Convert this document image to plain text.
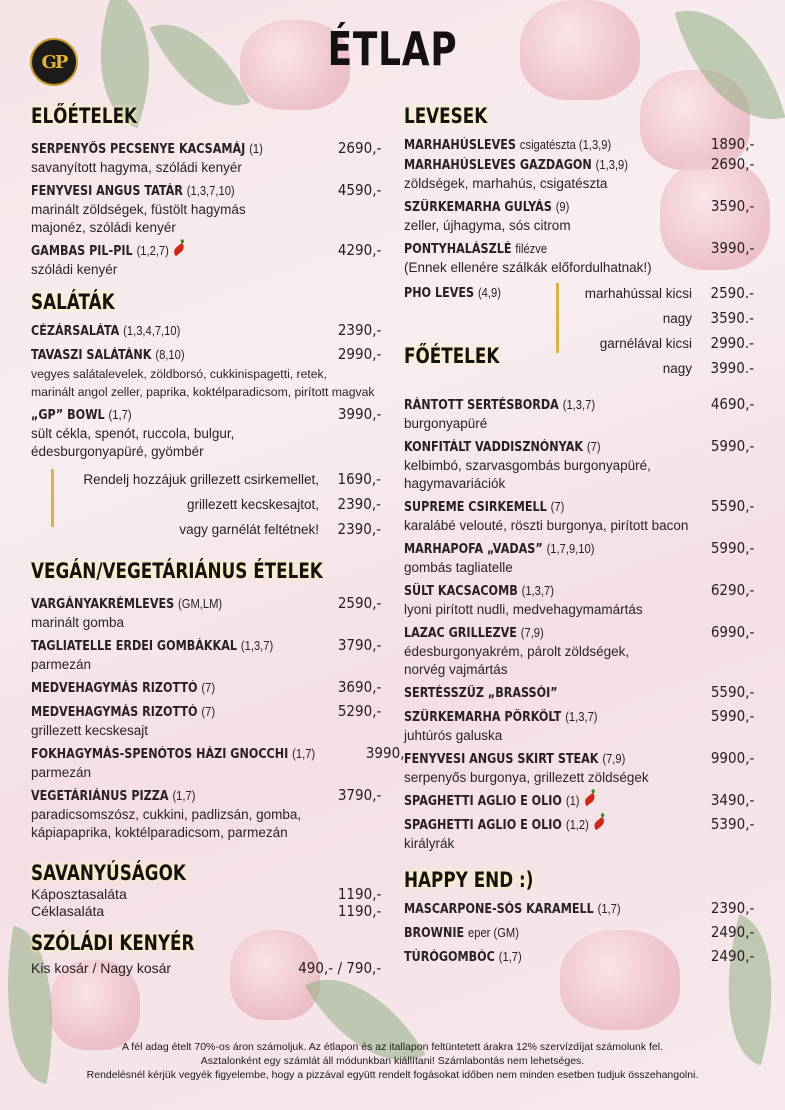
GP	ÉTLAP
ELŐÉTELEK
SERPENYŐS PECSENYE KACSAMÁJ (1)	2690,-
savanyított hagyma, szóládi kenyér
FENYVESI ANGUS TATÁR (1,3,7,10)	4590,-
marinált zöldségek, füstölt hagymás
majonéz, szóládi kenyér
GAMBAS PIL-PIL (1,2,7)	4290,-
szóládi kenyér
SALÁTÁK
CÉZÁRSALÁTA (1,3,4,7,10)	2390,-
TAVASZI SALÁTÁNK (8,10)	2990,-
vegyes salátalevelek, zöldborsó, cukkinispagetti, retek,
marinált angol zeller, paprika, koktélparadicsom, pirított magvak
„GP” BOWL (1,7)	3990,-
sült cékla, spenót, ruccola, bulgur,
édesburgonyapüré, gyömbér
Rendelj hozzájuk grillezett csirkemellet, 1690,-
grillezett kecskesajtot, 2390,-
vagy garnélát feltétnek! 2390,-
VEGÁN/VEGETÁRIÁNUS ÉTELEK
VARGÁNYAKRÉMLEVES (GM,LM)	2590,-
marinált gomba
TAGLIATELLE ERDEI GOMBÁKKAL (1,3,7)	3790,-
parmezán
MEDVEHAGYMÁS RIZOTTÓ (7)	3690,-
MEDVEHAGYMÁS RIZOTTÓ (7)	5290,-
grillezett kecskesajt
FOKHAGYMÁS-SPENÓTOS HÁZI GNOCCHI (1,7)	3990,-
parmezán
VEGETÁRIÁNUS PIZZA (1,7)	3790,-
paradicsomszósz, cukkini, padlizsán, gomba,
kápiapaprika, koktélparadicsom, parmezán
SAVANYÚSÁGOK
Káposztasaláta	1190,-
Céklasaláta	1190,-
SZÓLÁDI KENYÉR
Kis kosár / Nagy kosár	490,- / 790,-
LEVESEK
MARHAHÚSLEVES csigatészta (1,3,9)	1890,-
MARHAHÚSLEVES GAZDAGON (1,3,9)	2690,-
zöldségek, marhahús, csigatészta
SZÜRKEMARHA GULYÁS (9)	3590,-
zeller, újhagyma, sós citrom
PONTYHALÁSZLÉ filézve	3990,-
(Ennek ellenére szálkák előfordulhatnak!)
PHO LEVES (4,9)	marhahússal kicsi	2590.-
nagy	3590.-
garnélával kicsi	2990.-
nagy	3990.-
FŐÉTELEK
RÁNTOTT SERTÉSBORDA (1,3,7)	4690,-
burgonyapüré
KONFITÁLT VADDISZNÓNYAK (7)	5990,-
kelbimbó, szarvasgombás burgonyapüré,
hagymavariációk
SUPREME CSIRKEMELL (7)	5590,-
karalábé velouté, röszti burgonya, pirított bacon
MARHAPOFA „VADAS” (1,7,9,10)	5990,-
gombás tagliatelle
SÜLT KACSACOMB (1,3,7)	6290,-
lyoni pirított nudli, medvehagymamártás
LAZAC GRILLEZVE (7,9)	6990,-
édesburgonyakrém, párolt zöldségek,
norvég vajmártás
SERTÉSSZŰZ „BRASSÓI”	5590,-
SZÜRKEMARHA PÖRKÖLT (1,3,7)	5990,-
juhtúrós galuska
FENYVESI ANGUS SKIRT STEAK (7,9)	9900,-
serpenyős burgonya, grillezett zöldségek
SPAGHETTI AGLIO E OLIO (1)	3490,-
SPAGHETTI AGLIO E OLIO (1,2)	5390,-
királyrák
HAPPY END :)
MASCARPONE-SÓS KARAMELL (1,7)	2390,-
BROWNIE eper (GM)	2490,-
TÚRÓGOMBÓC (1,7)	2490,-
A fél adag ételt 70%-os áron számoljuk. Az étlapon és az itallapon feltüntetett árakra 12% szervízdíjat számolunk fel.
Asztalonként egy számlát áll módunkban kiállítani! Számlabontás nem lehetséges.
Rendelésnél kérjük vegyék figyelembe, hogy a pizzával együtt rendelt fogásokat időben nem minden esetben tudjuk összehangolni.
